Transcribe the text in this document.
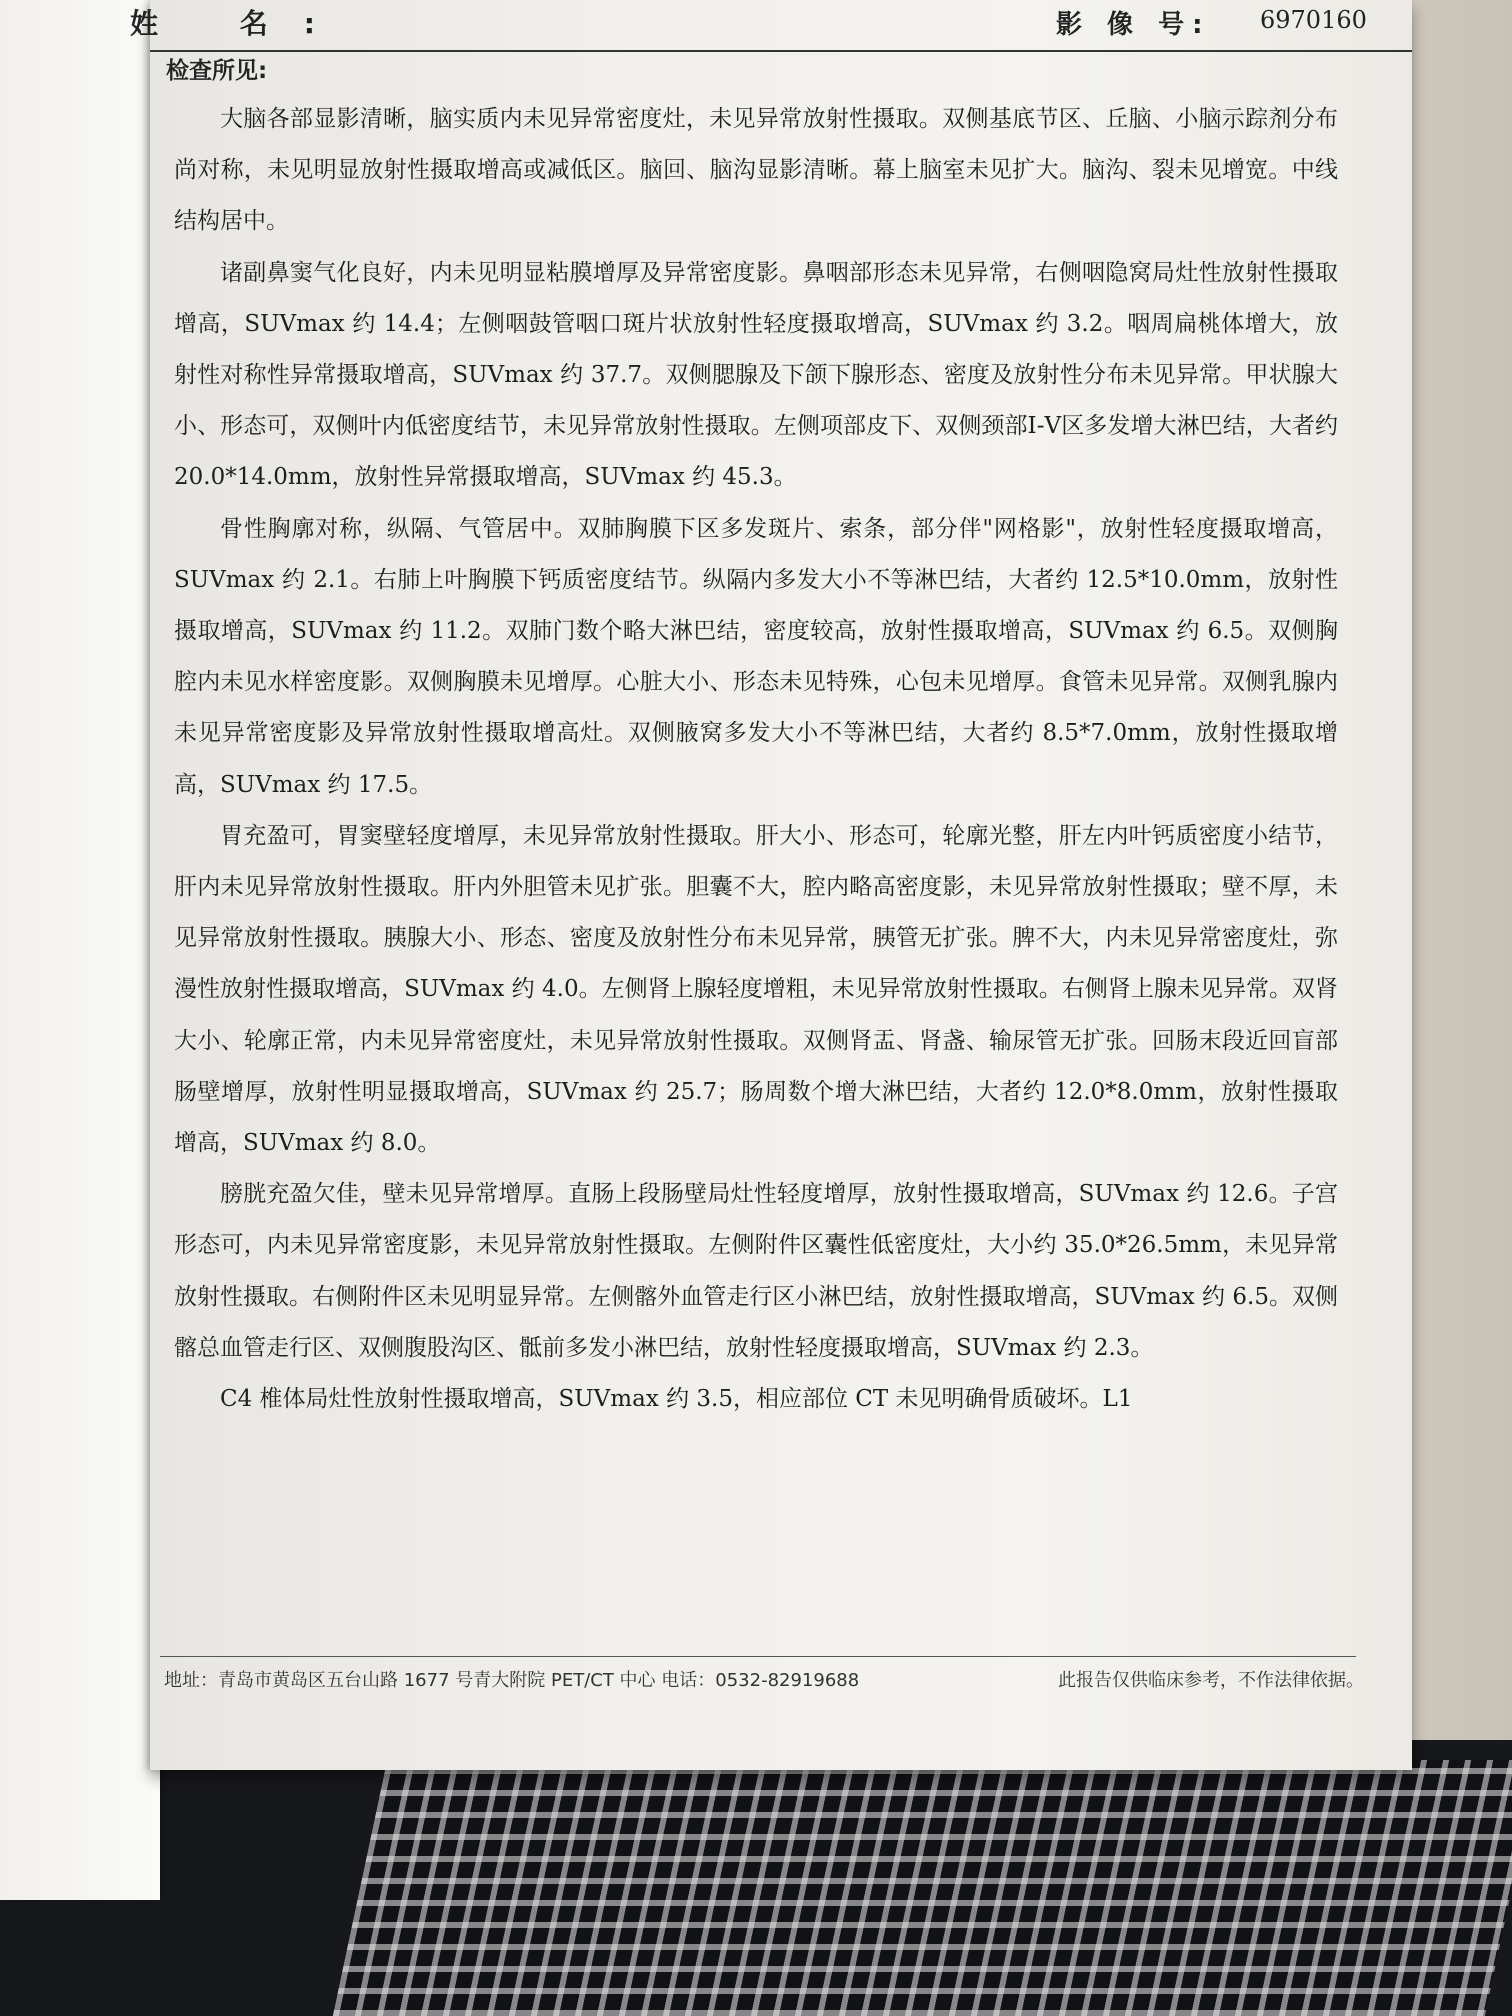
姓 名:	影 像 号: 6970160
检查所见:

大脑各部显影清晰，脑实质内未见异常密度灶，未见异常放射性摄取。双侧基底节区、丘脑、小脑示踪剂分布尚对称，未见明显放射性摄取增高或减低区。脑回、脑沟显影清晰。幕上脑室未见扩大。脑沟、裂未见增宽。中线结构居中。

诸副鼻窦气化良好，内未见明显粘膜增厚及异常密度影。鼻咽部形态未见异常，右侧咽隐窝局灶性放射性摄取增高，SUVmax 约 14.4；左侧咽鼓管咽口斑片状放射性轻度摄取增高，SUVmax 约 3.2。咽周扁桃体增大，放射性对称性异常摄取增高，SUVmax 约 37.7。双侧腮腺及下颌下腺形态、密度及放射性分布未见异常。甲状腺大小、形态可，双侧叶内低密度结节，未见异常放射性摄取。左侧项部皮下、双侧颈部Ⅰ-Ⅴ区多发增大淋巴结，大者约 20.0*14.0mm，放射性异常摄取增高，SUVmax 约 45.3。

骨性胸廓对称，纵隔、气管居中。双肺胸膜下区多发斑片、索条，部分伴"网格影"，放射性轻度摄取增高，SUVmax 约 2.1。右肺上叶胸膜下钙质密度结节。纵隔内多发大小不等淋巴结，大者约 12.5*10.0mm，放射性摄取增高，SUVmax 约 11.2。双肺门数个略大淋巴结，密度较高，放射性摄取增高，SUVmax 约 6.5。双侧胸腔内未见水样密度影。双侧胸膜未见增厚。心脏大小、形态未见特殊，心包未见增厚。食管未见异常。双侧乳腺内未见异常密度影及异常放射性摄取增高灶。双侧腋窝多发大小不等淋巴结，大者约 8.5*7.0mm，放射性摄取增高，SUVmax 约 17.5。

胃充盈可，胃窦壁轻度增厚，未见异常放射性摄取。肝大小、形态可，轮廓光整，肝左内叶钙质密度小结节，肝内未见异常放射性摄取。肝内外胆管未见扩张。胆囊不大，腔内略高密度影，未见异常放射性摄取；壁不厚，未见异常放射性摄取。胰腺大小、形态、密度及放射性分布未见异常，胰管无扩张。脾不大，内未见异常密度灶，弥漫性放射性摄取增高，SUVmax 约 4.0。左侧肾上腺轻度增粗，未见异常放射性摄取。右侧肾上腺未见异常。双肾大小、轮廓正常，内未见异常密度灶，未见异常放射性摄取。双侧肾盂、肾盏、输尿管无扩张。回肠末段近回盲部肠壁增厚，放射性明显摄取增高，SUVmax 约 25.7；肠周数个增大淋巴结，大者约 12.0*8.0mm，放射性摄取增高，SUVmax 约 8.0。

膀胱充盈欠佳，壁未见异常增厚。直肠上段肠壁局灶性轻度增厚，放射性摄取增高，SUVmax 约 12.6。子宫形态可，内未见异常密度影，未见异常放射性摄取。左侧附件区囊性低密度灶，大小约 35.0*26.5mm，未见异常放射性摄取。右侧附件区未见明显异常。左侧髂外血管走行区小淋巴结，放射性摄取增高，SUVmax 约 6.5。双侧髂总血管走行区、双侧腹股沟区、骶前多发小淋巴结，放射性轻度摄取增高，SUVmax 约 2.3。

C4 椎体局灶性放射性摄取增高，SUVmax 约 3.5，相应部位 CT 未见明确骨质破坏。L1

地址：青岛市黄岛区五台山路 1677 号青大附院 PET/CT 中心 电话：0532-82919688	此报告仅供临床参考，不作法律依据。
